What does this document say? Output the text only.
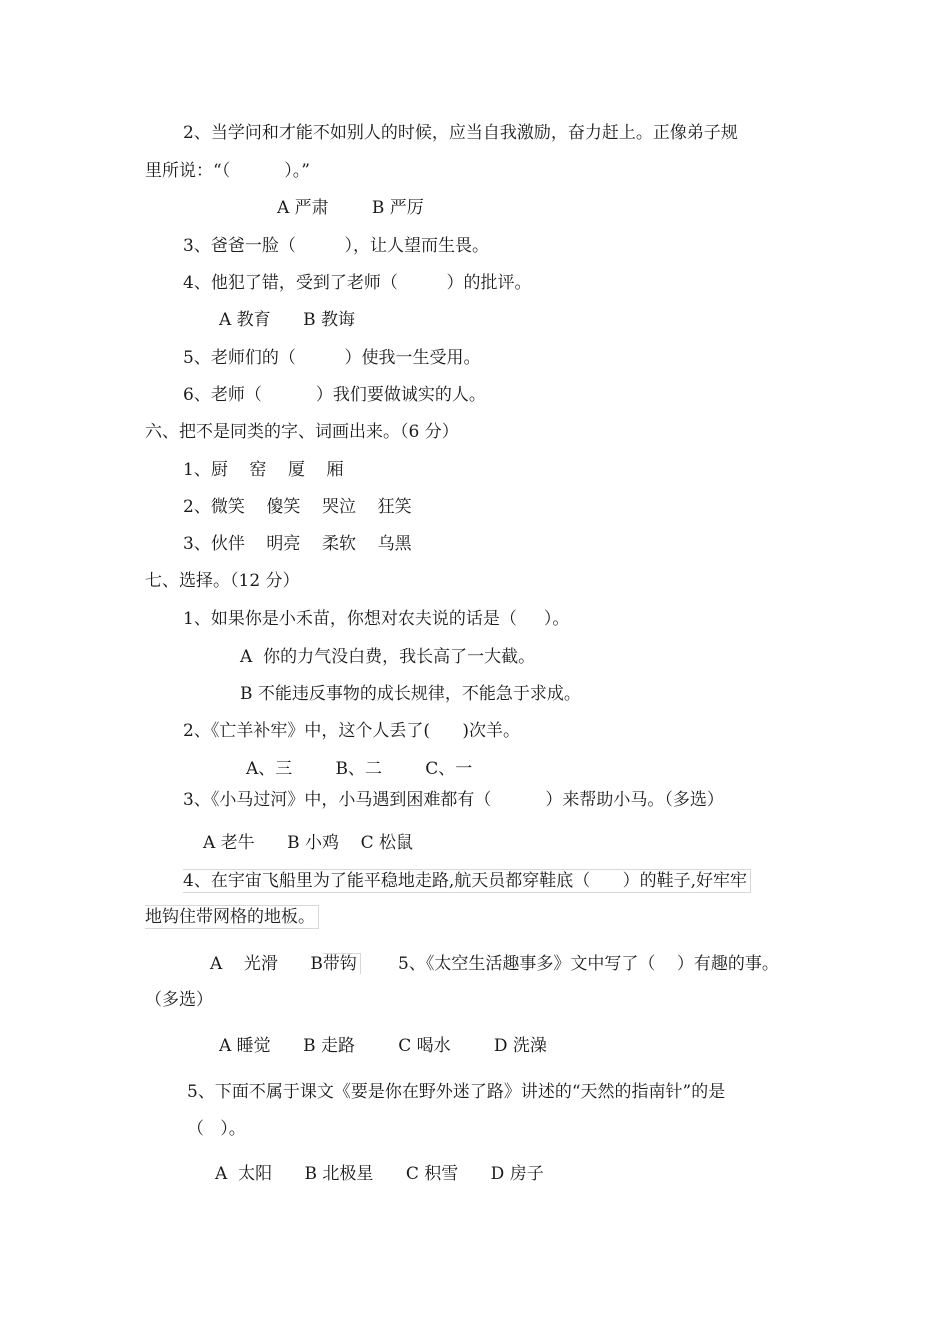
2、当学问和才能不如别人的时候，应当自我激励，奋力赶上。正像弟子规
里所说：“（          ）。”
A 严肃        B 严厉
3、爸爸一脸（         ），让人望而生畏。
4、他犯了错，受到了老师（         ）的批评。
A 教育      B 教诲
5、老师们的（         ）使我一生受用。
6、老师（          ）我们要做诚实的人。
六、把不是同类的字、词画出来。（6 分）
1、厨    窑    厦    厢
2、微笑    傻笑    哭泣    狂笑
3、伙伴    明亮    柔软    乌黑
七、选择。（12 分）
1、如果你是小禾苗，你想对农夫说的话是（     ）。
A  你的力气没白费，我长高了一大截。
B 不能违反事物的成长规律，不能急于求成。
2、《亡羊补牢》中，这个人丢了(      )次羊。
A、三        B、二        C、一
3、《小马过河》中，小马遇到困难都有（          ）来帮助小马。（多选）
A 老牛      B 小鸡    C 松鼠
4、在宇宙飞船里为了能平稳地走路,航天员都穿鞋底（      ）的鞋子,好牢牢
地钩住带网格的地板。
A    光滑      B带钩 5、《太空生活趣事多》文中写了（    ）有趣的事。
（多选）
A 睡觉      B 走路        C 喝水        D 洗澡
5、下面不属于课文《要是你在野外迷了路》讲述的“天然的指南针”的是
（   ）。
A  太阳      B 北极星      C 积雪      D 房子
